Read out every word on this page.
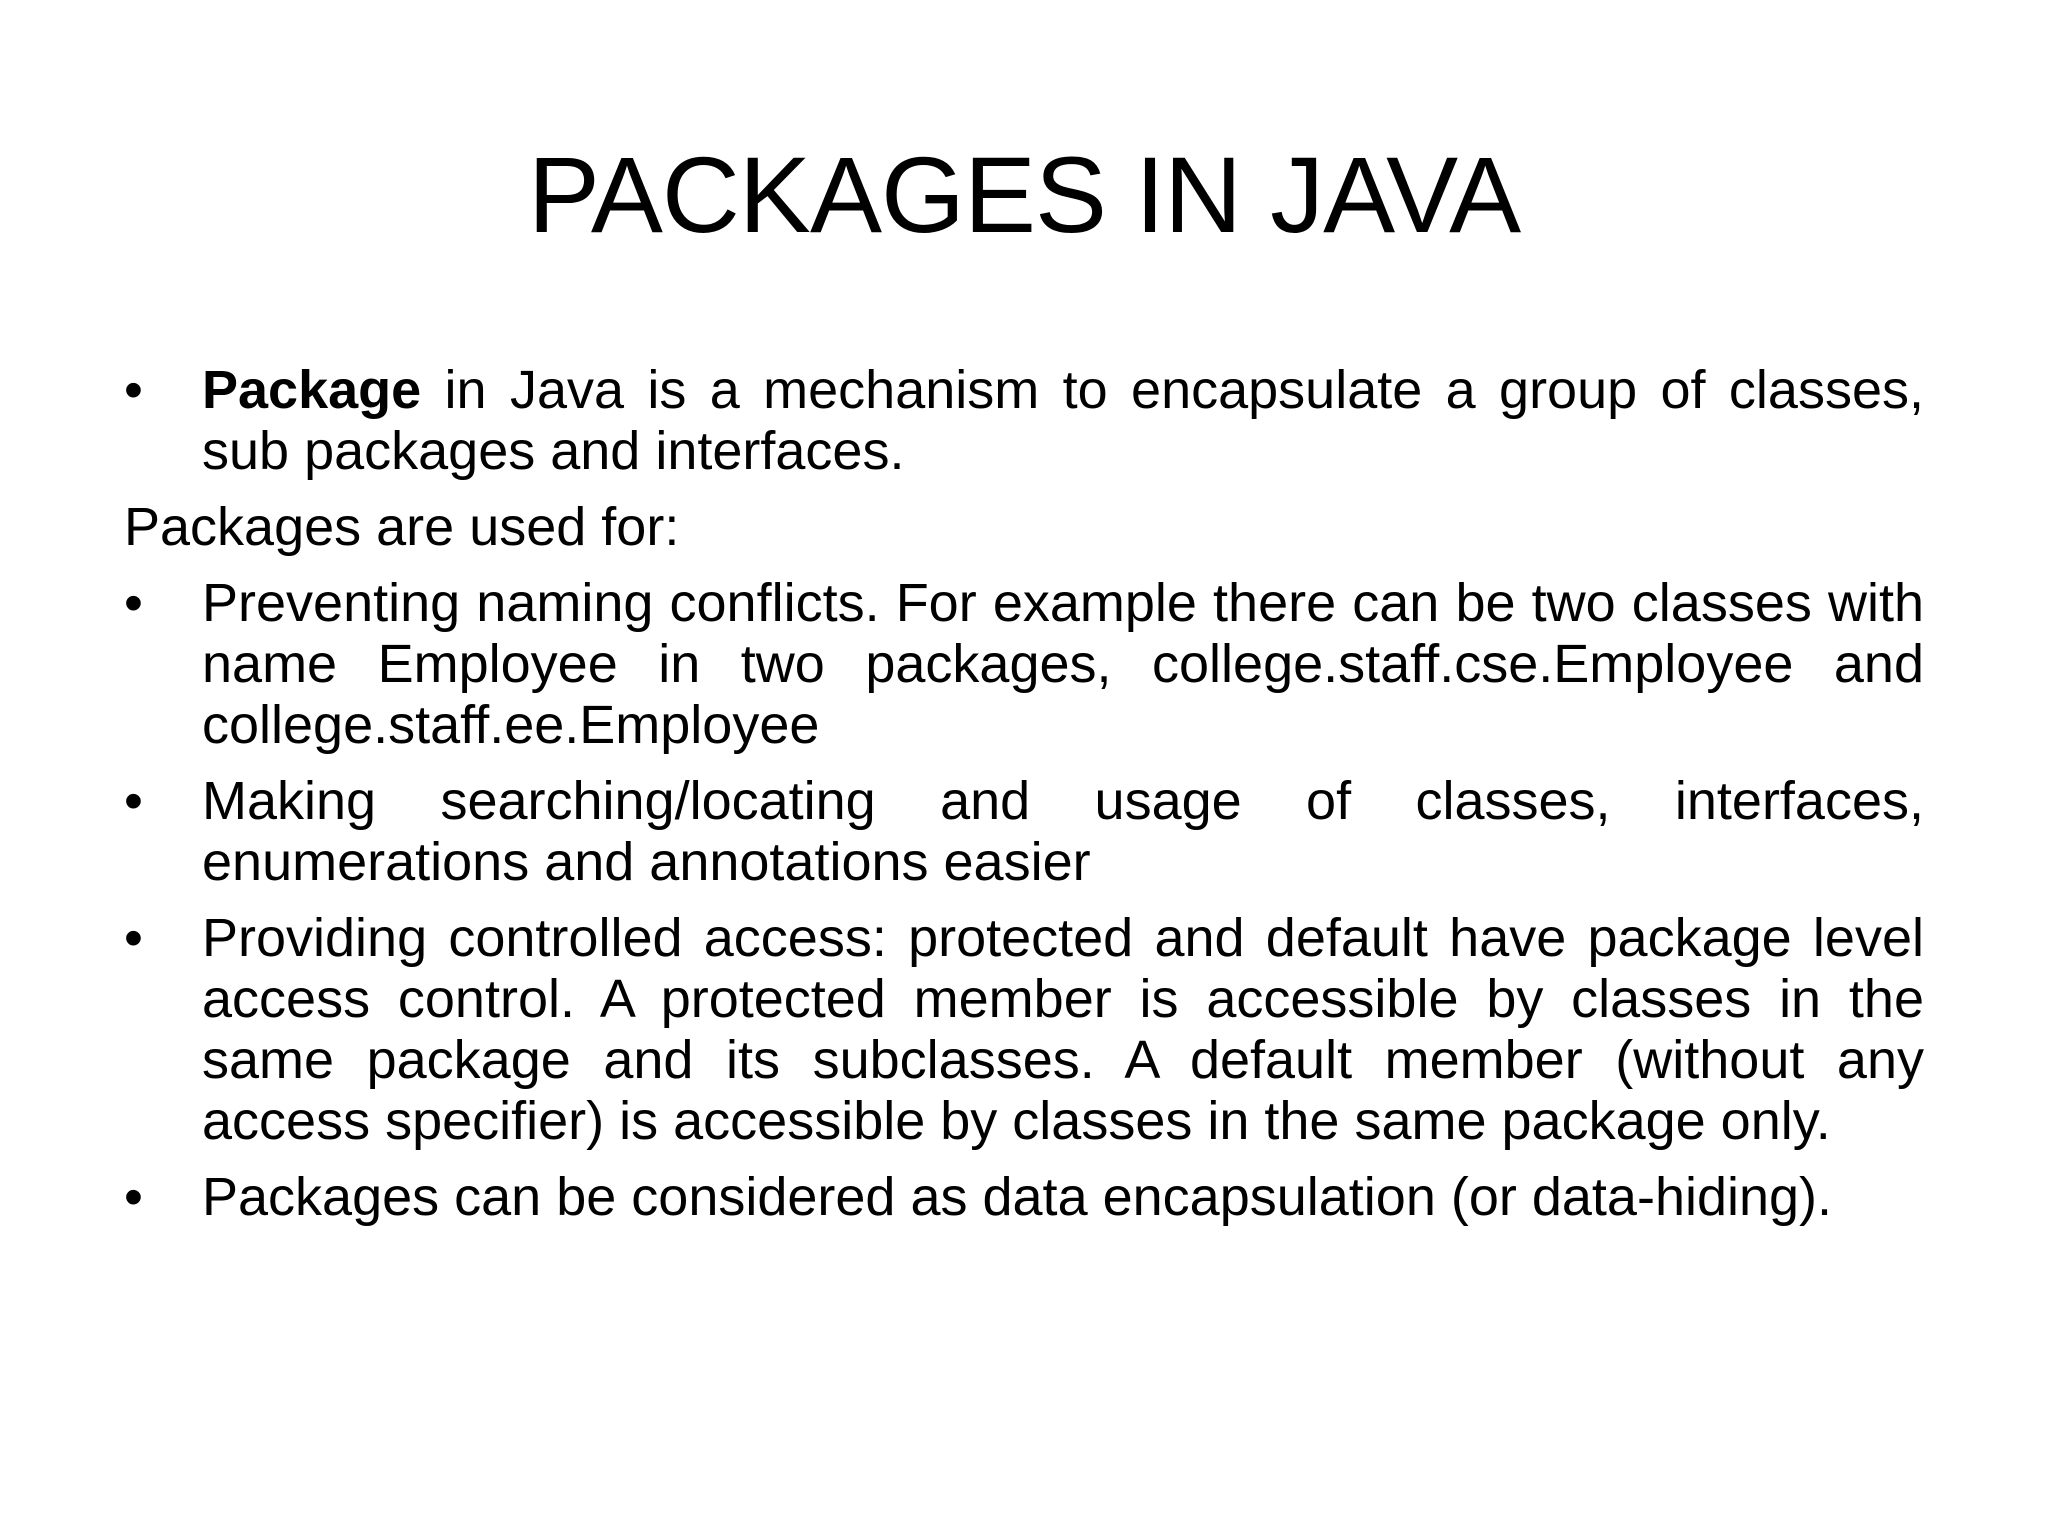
PACKAGES IN JAVA
•	Package in Java is a mechanism to encapsulate a group of classes, sub packages and interfaces.
Packages are used for:
•	Preventing naming conflicts. For example there can be two classes with name Employee in two packages, college.staff.cse.Employee and college.staff.ee.Employee
•	Making searching/locating and usage of classes, interfaces, enumerations and annotations easier
•	Providing controlled access: protected and default have package level access control. A protected member is accessible by classes in the same package and its subclasses. A default member (without any access specifier) is accessible by classes in the same package only.
•	Packages can be considered as data encapsulation (or data-hiding).
